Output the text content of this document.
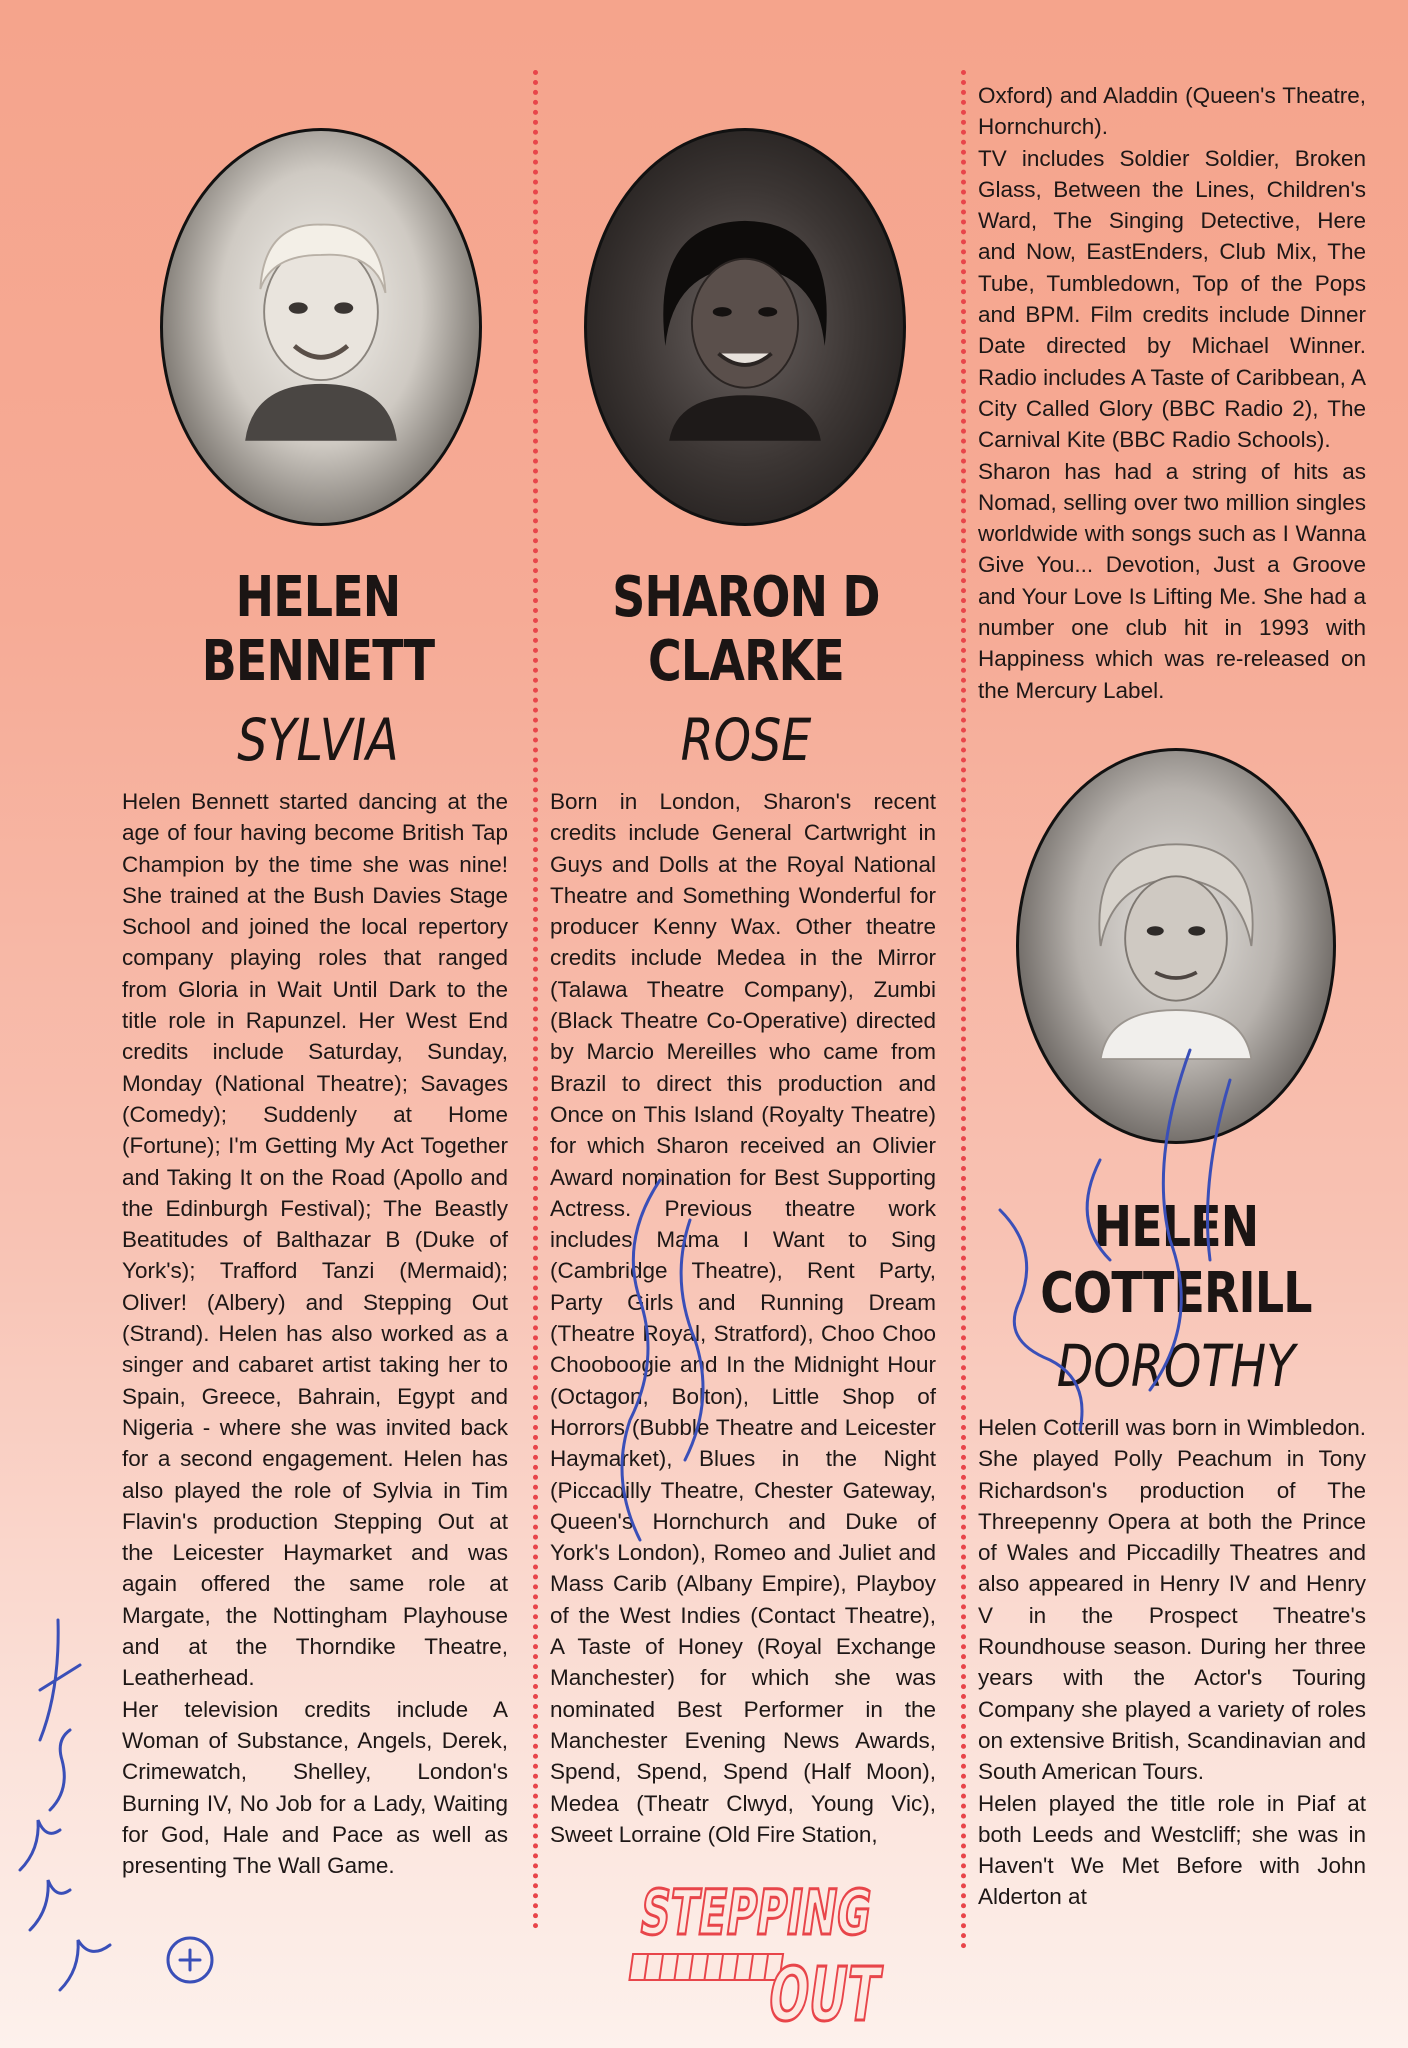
HELEN
BENNETT
SYLVIA

Helen Bennett started dancing at the age of four having become British Tap Champion by the time she was nine! She trained at the Bush Davies Stage School and joined the local repertory company playing roles that ranged from Gloria in Wait Until Dark to the title role in Rapunzel. Her West End credits include Saturday, Sunday, Monday (National Theatre); Savages (Comedy); Suddenly at Home (Fortune); I'm Getting My Act Together and Taking It on the Road (Apollo and the Edinburgh Festival); The Beastly Beatitudes of Balthazar B (Duke of York's); Trafford Tanzi (Mermaid); Oliver! (Albery) and Stepping Out (Strand). Helen has also worked as a singer and cabaret artist taking her to Spain, Greece, Bahrain, Egypt and Nigeria - where she was invited back for a second engagement. Helen has also played the role of Sylvia in Tim Flavin's production Stepping Out at the Leicester Haymarket and was again offered the same role at Margate, the Nottingham Playhouse and at the Thorndike Theatre, Leatherhead.

Her television credits include A Woman of Substance, Angels, Derek, Crimewatch, Shelley, London's Burning IV, No Job for a Lady, Waiting for God, Hale and Pace as well as presenting The Wall Game.

SHARON D
CLARKE
ROSE

Born in London, Sharon's recent credits include General Cartwright in Guys and Dolls at the Royal National Theatre and Something Wonderful for producer Kenny Wax. Other theatre credits include Medea in the Mirror (Talawa Theatre Company), Zumbi (Black Theatre Co-Operative) directed by Marcio Mereilles who came from Brazil to direct this production and Once on This Island (Royalty Theatre) for which Sharon received an Olivier Award nomination for Best Supporting Actress. Previous theatre work includes Mama I Want to Sing (Cambridge Theatre), Rent Party, Party Girls and Running Dream (Theatre Royal, Stratford), Choo Choo Chooboogie and In the Midnight Hour (Octagon, Bolton), Little Shop of Horrors (Bubble Theatre and Leicester Haymarket), Blues in the Night (Piccadilly Theatre, Chester Gateway, Queen's Hornchurch and Duke of York's London), Romeo and Juliet and Mass Carib (Albany Empire), Playboy of the West Indies (Contact Theatre), A Taste of Honey (Royal Exchange Manchester) for which she was nominated Best Performer in the Manchester Evening News Awards, Spend, Spend, Spend (Half Moon), Medea (Theatr Clwyd, Young Vic), Sweet Lorraine (Old Fire Station,

Oxford) and Aladdin (Queen's Theatre, Hornchurch).

TV includes Soldier Soldier, Broken Glass, Between the Lines, Children's Ward, The Singing Detective, Here and Now, EastEnders, Club Mix, The Tube, Tumbledown, Top of the Pops and BPM. Film credits include Dinner Date directed by Michael Winner. Radio includes A Taste of Caribbean, A City Called Glory (BBC Radio 2), The Carnival Kite (BBC Radio Schools).

Sharon has had a string of hits as Nomad, selling over two million singles worldwide with songs such as I Wanna Give You... Devotion, Just a Groove and Your Love Is Lifting Me. She had a number one club hit in 1993 with Happiness which was re-released on the Mercury Label.

HELEN
COTTERILL
DOROTHY

Helen Cotterill was born in Wimbledon. She played Polly Peachum in Tony Richardson's production of The Threepenny Opera at both the Prince of Wales and Piccadilly Theatres and also appeared in Henry IV and Henry V in the Prospect Theatre's Roundhouse season. During her three years with the Actor's Touring Company she played a variety of roles on extensive British, Scandinavian and South American Tours.

Helen played the title role in Piaf at both Leeds and Westcliff; she was in Haven't We Met Before with John Alderton at

STEPPING
OUT
